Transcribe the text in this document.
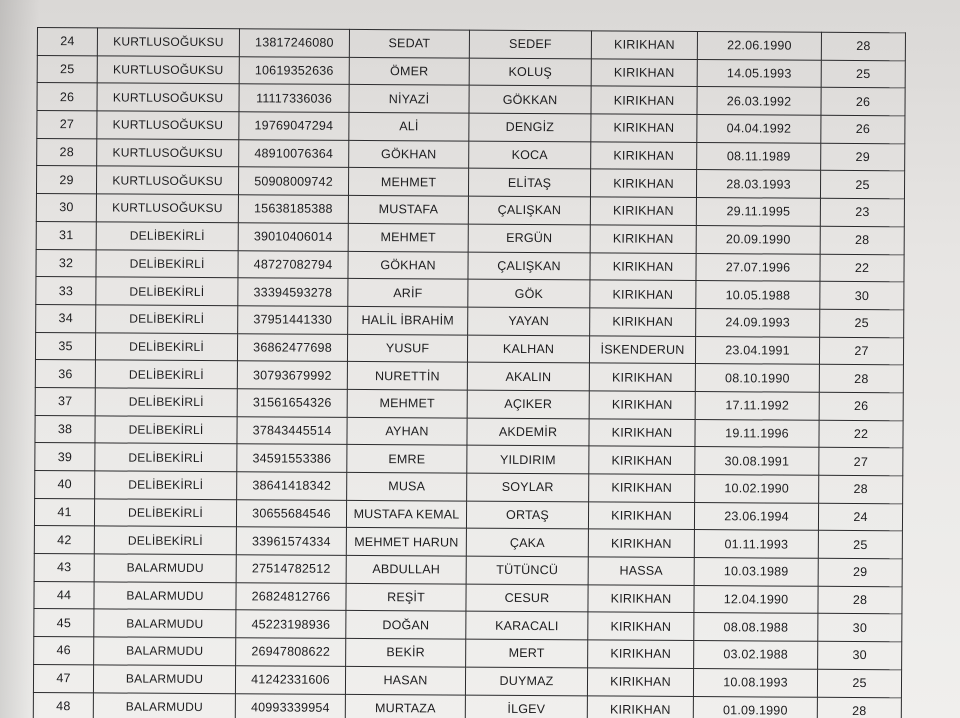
24	KURTLUSOĞUKSU	13817246080	SEDAT	SEDEF	KIRIKHAN	22.06.1990	28
25	KURTLUSOĞUKSU	10619352636	ÖMER	KOLUŞ	KIRIKHAN	14.05.1993	25
26	KURTLUSOĞUKSU	11117336036	NİYAZİ	GÖKKAN	KIRIKHAN	26.03.1992	26
27	KURTLUSOĞUKSU	19769047294	ALİ	DENGİZ	KIRIKHAN	04.04.1992	26
28	KURTLUSOĞUKSU	48910076364	GÖKHAN	KOCA	KIRIKHAN	08.11.1989	29
29	KURTLUSOĞUKSU	50908009742	MEHMET	ELİTAŞ	KIRIKHAN	28.03.1993	25
30	KURTLUSOĞUKSU	15638185388	MUSTAFA	ÇALIŞKAN	KIRIKHAN	29.11.1995	23
31	DELİBEKİRLİ	39010406014	MEHMET	ERGÜN	KIRIKHAN	20.09.1990	28
32	DELİBEKİRLİ	48727082794	GÖKHAN	ÇALIŞKAN	KIRIKHAN	27.07.1996	22
33	DELİBEKİRLİ	33394593278	ARİF	GÖK	KIRIKHAN	10.05.1988	30
34	DELİBEKİRLİ	37951441330	HALİL İBRAHİM	YAYAN	KIRIKHAN	24.09.1993	25
35	DELİBEKİRLİ	36862477698	YUSUF	KALHAN	İSKENDERUN	23.04.1991	27
36	DELİBEKİRLİ	30793679992	NURETTİN	AKALIN	KIRIKHAN	08.10.1990	28
37	DELİBEKİRLİ	31561654326	MEHMET	AÇIKER	KIRIKHAN	17.11.1992	26
38	DELİBEKİRLİ	37843445514	AYHAN	AKDEMİR	KIRIKHAN	19.11.1996	22
39	DELİBEKİRLİ	34591553386	EMRE	YILDIRIM	KIRIKHAN	30.08.1991	27
40	DELİBEKİRLİ	38641418342	MUSA	SOYLAR	KIRIKHAN	10.02.1990	28
41	DELİBEKİRLİ	30655684546	MUSTAFA KEMAL	ORTAŞ	KIRIKHAN	23.06.1994	24
42	DELİBEKİRLİ	33961574334	MEHMET HARUN	ÇAKA	KIRIKHAN	01.11.1993	25
43	BALARMUDU	27514782512	ABDULLAH	TÜTÜNCÜ	HASSA	10.03.1989	29
44	BALARMUDU	26824812766	REŞİT	CESUR	KIRIKHAN	12.04.1990	28
45	BALARMUDU	45223198936	DOĞAN	KARACALI	KIRIKHAN	08.08.1988	30
46	BALARMUDU	26947808622	BEKİR	MERT	KIRIKHAN	03.02.1988	30
47	BALARMUDU	41242331606	HASAN	DUYMAZ	KIRIKHAN	10.08.1993	25
48	BALARMUDU	40993339954	MURTAZA	İLGEV	KIRIKHAN	01.09.1990	28
